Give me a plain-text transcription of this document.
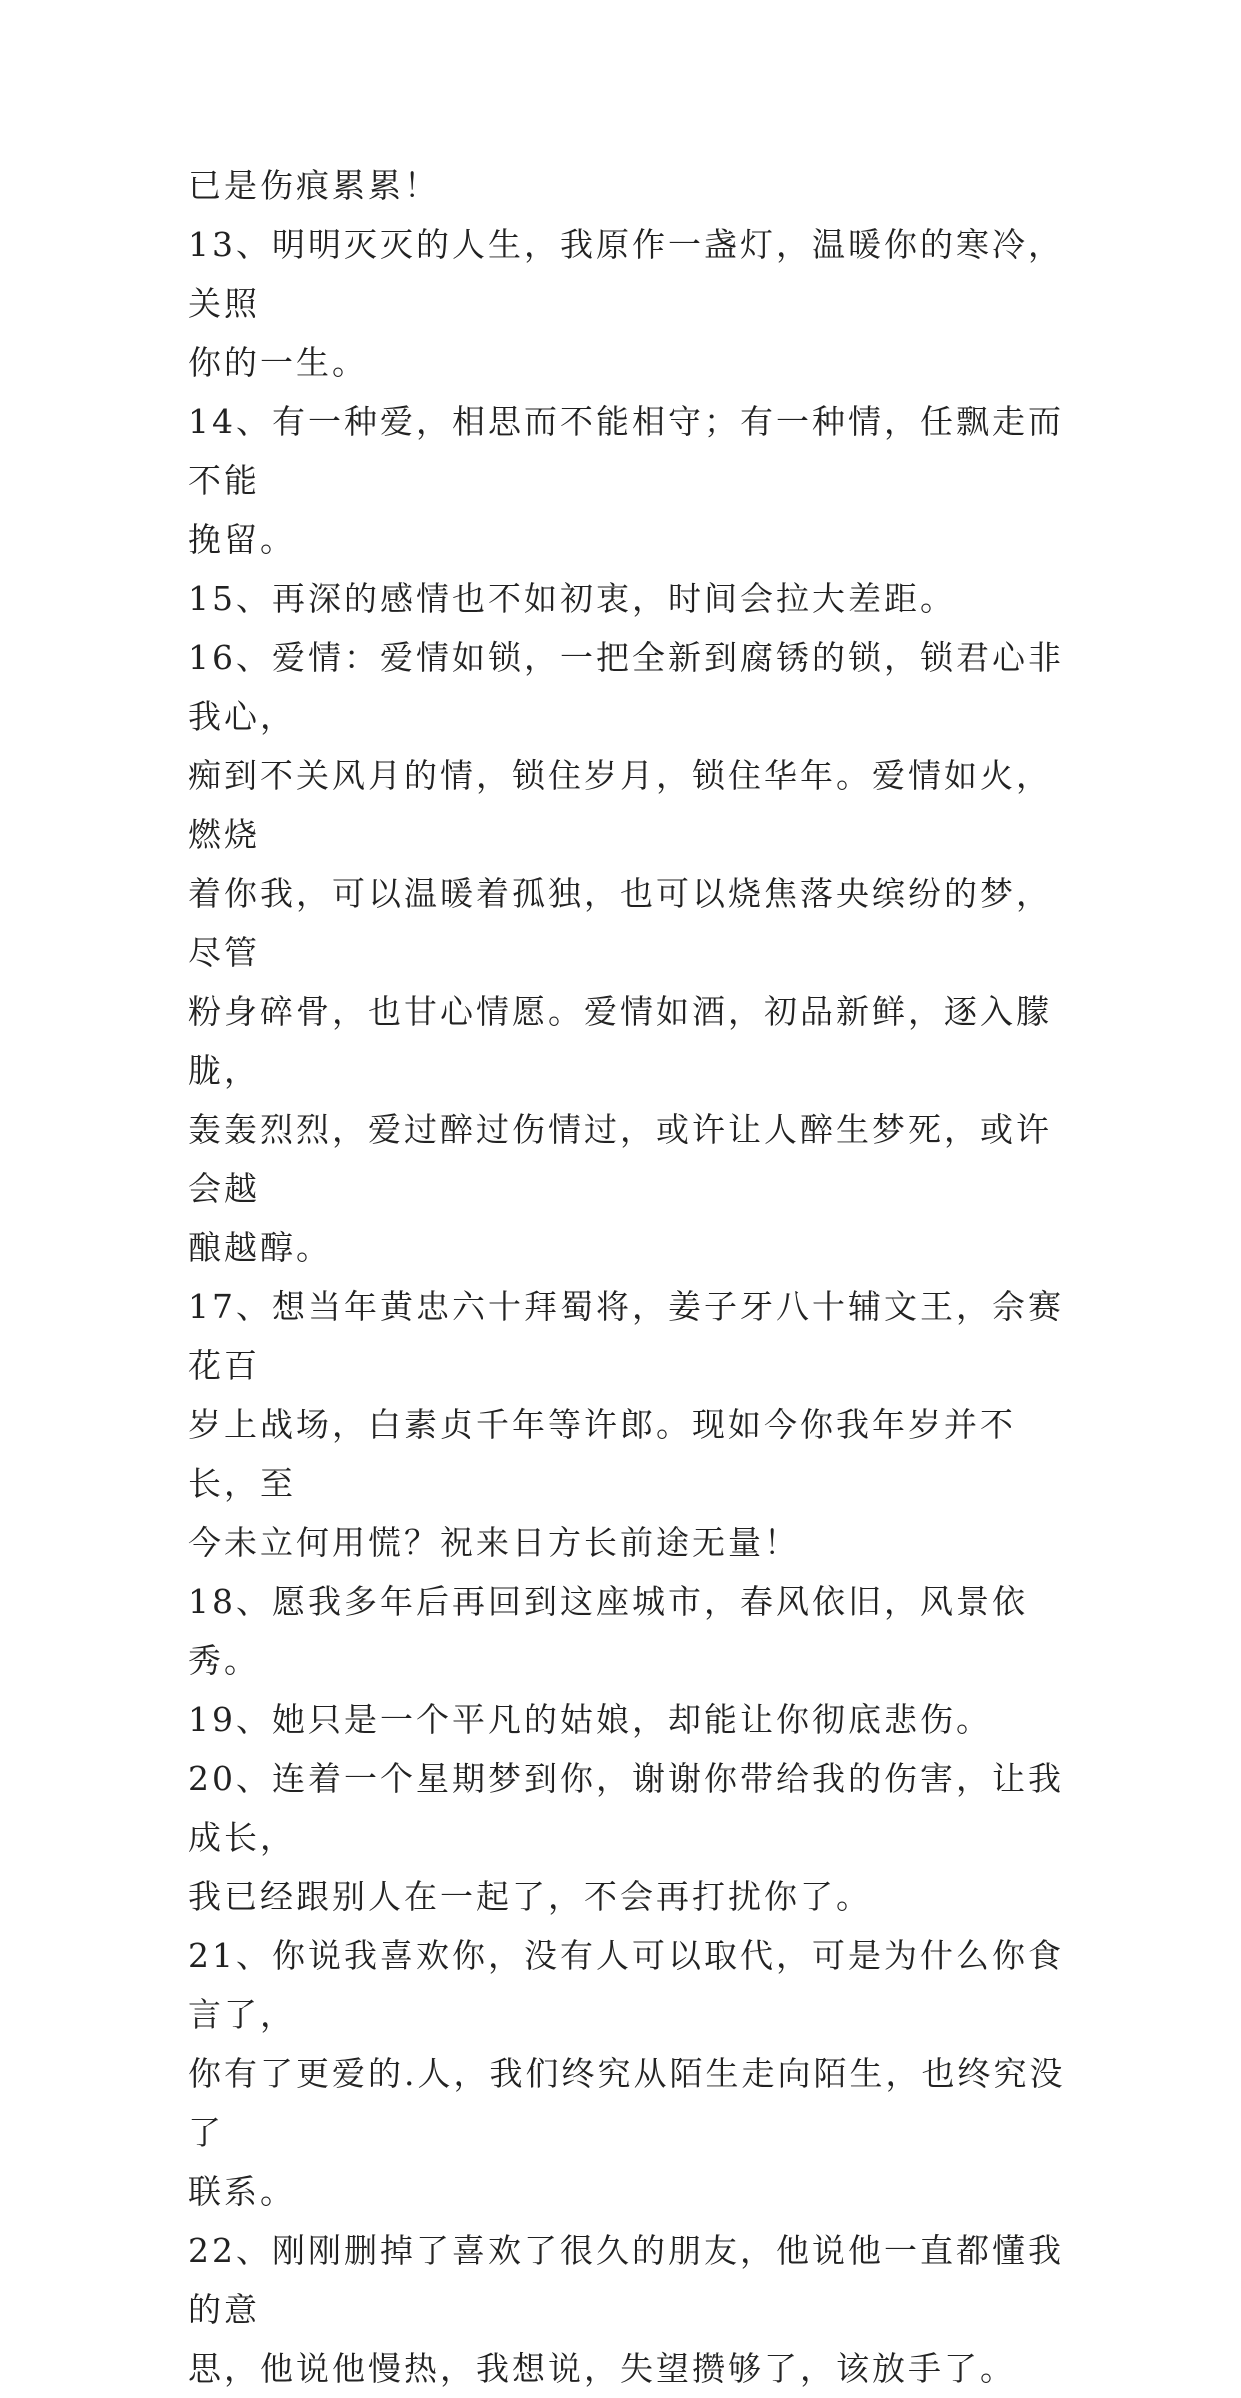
已是伤痕累累！

13、明明灭灭的人生，我原作一盏灯，温暖你的寒冷，关照
你的一生。

14、有一种爱，相思而不能相守；有一种情，任飘走而不能
挽留。

15、再深的感情也不如初衷，时间会拉大差距。

16、爱情：爱情如锁，一把全新到腐锈的锁，锁君心非我心，
痴到不关风月的情，锁住岁月，锁住华年。爱情如火，燃烧
着你我，可以温暖着孤独，也可以烧焦落央缤纷的梦，尽管
粉身碎骨，也甘心情愿。爱情如酒，初品新鲜，逐入朦胧，
轰轰烈烈，爱过醉过伤情过，或许让人醉生梦死，或许会越
酿越醇。

17、想当年黄忠六十拜蜀将，姜子牙八十辅文王，佘赛花百
岁上战场，白素贞千年等许郎。现如今你我年岁并不长，至
今未立何用慌？祝来日方长前途无量！

18、愿我多年后再回到这座城市，春风依旧，风景依秀。

19、她只是一个平凡的姑娘，却能让你彻底悲伤。

20、连着一个星期梦到你，谢谢你带给我的伤害，让我成长，
我已经跟别人在一起了，不会再打扰你了。

21、你说我喜欢你，没有人可以取代，可是为什么你食言了，
你有了更爱的.人，我们终究从陌生走向陌生，也终究没了
联系。

22、刚刚删掉了喜欢了很久的朋友，他说他一直都懂我的意
思，他说他慢热，我想说，失望攒够了，该放手了。
